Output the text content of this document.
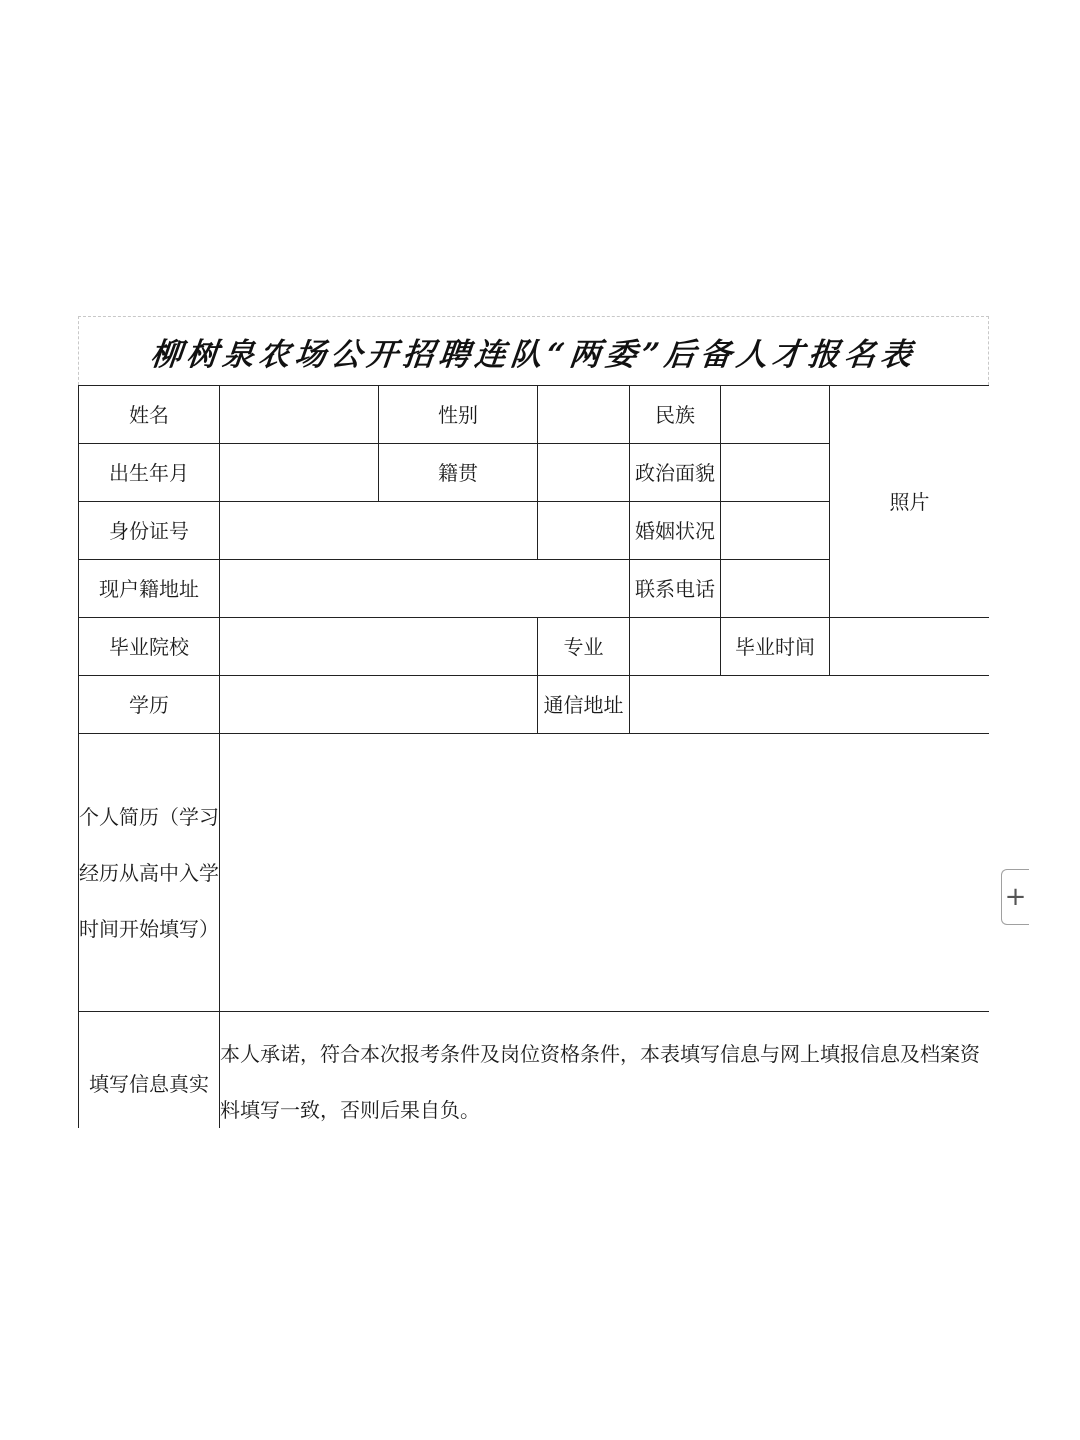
柳树泉农场公开招聘连队“两委”后备人才报名表
姓名		性别		民族		照片
出生年月		籍贯		政治面貌		
身份证号				婚姻状况		
现户籍地址				联系电话		
毕业院校			专业		毕业时间	
学历			通信地址			
个人简历（学习经历从高中入学时间开始填写）						
填写信息真实	本人承诺，符合本次报考条件及岗位资格条件，本表填写信息与网上填报信息及档案资料填写一致，否则后果自负。					
+
